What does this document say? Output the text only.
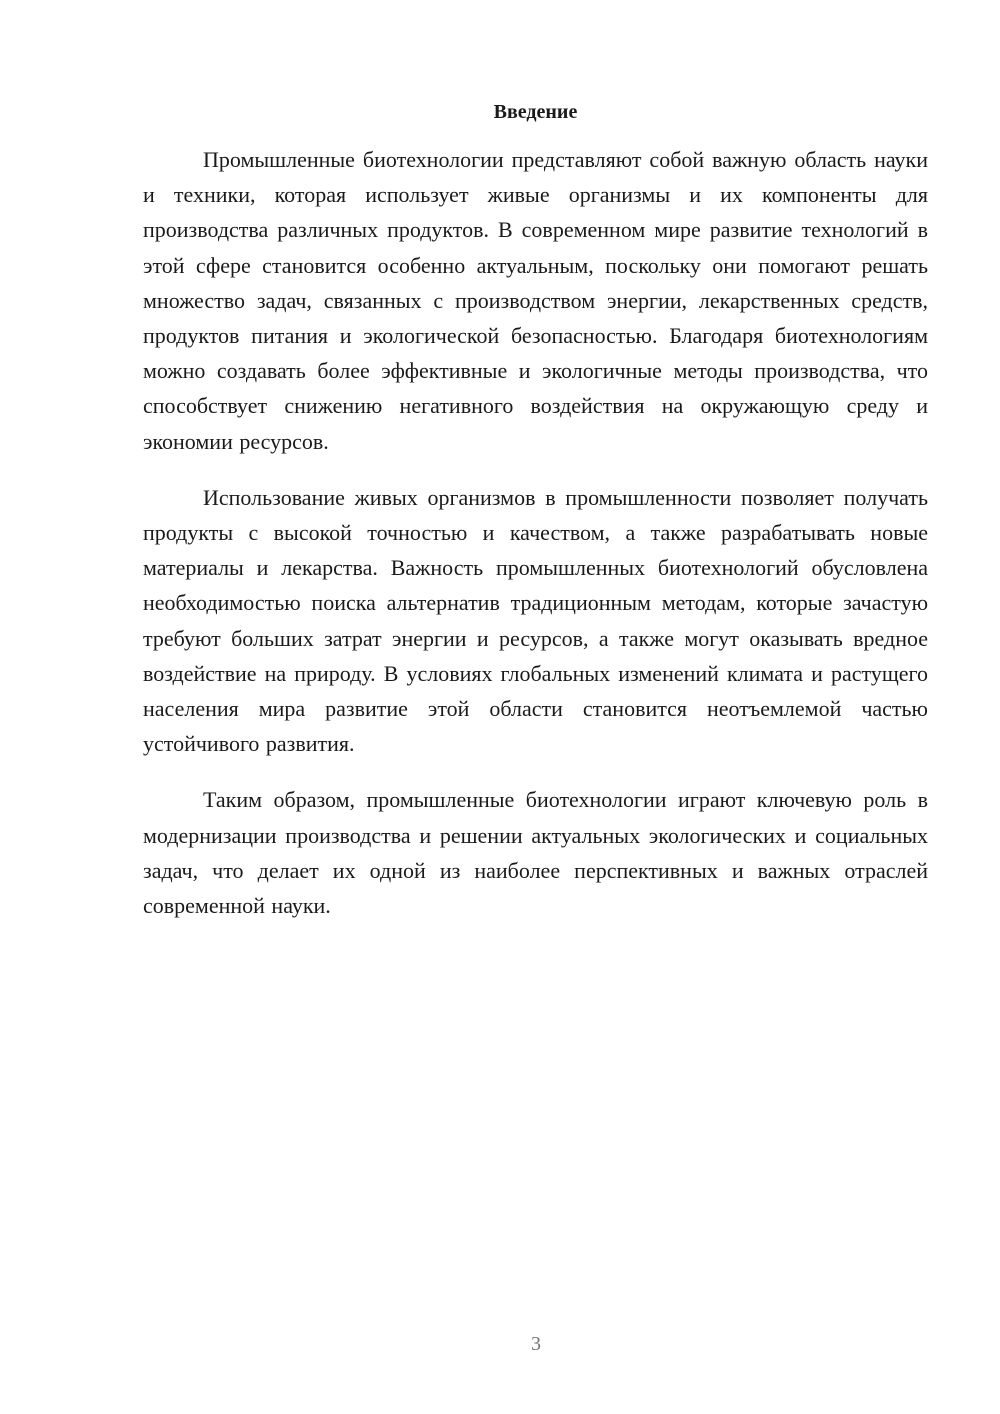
Введение

Промышленные биотехнологии представляют собой важную область науки и техники, которая использует живые организмы и их компоненты для производства различных продуктов. В современном мире развитие технологий в этой сфере становится особенно актуальным, поскольку они помогают решать множество задач, связанных с производством энергии, лекарственных средств, продуктов питания и экологической безопасностью. Благодаря биотехнологиям можно создавать более эффективные и экологичные методы производства, что способствует снижению негативного воздействия на окружающую среду и экономии ресурсов.

Использование живых организмов в промышленности позволяет получать продукты с высокой точностью и качеством, а также разрабатывать новые материалы и лекарства. Важность промышленных биотехнологий обусловлена необходимостью поиска альтернатив традиционным методам, которые зачастую требуют больших затрат энергии и ресурсов, а также могут оказывать вредное воздействие на природу. В условиях глобальных изменений климата и растущего населения мира развитие этой области становится неотъемлемой частью устойчивого развития.

Таким образом, промышленные биотехнологии играют ключевую роль в модернизации производства и решении актуальных экологических и социальных задач, что делает их одной из наиболее перспективных и важных отраслей современной науки.

3
